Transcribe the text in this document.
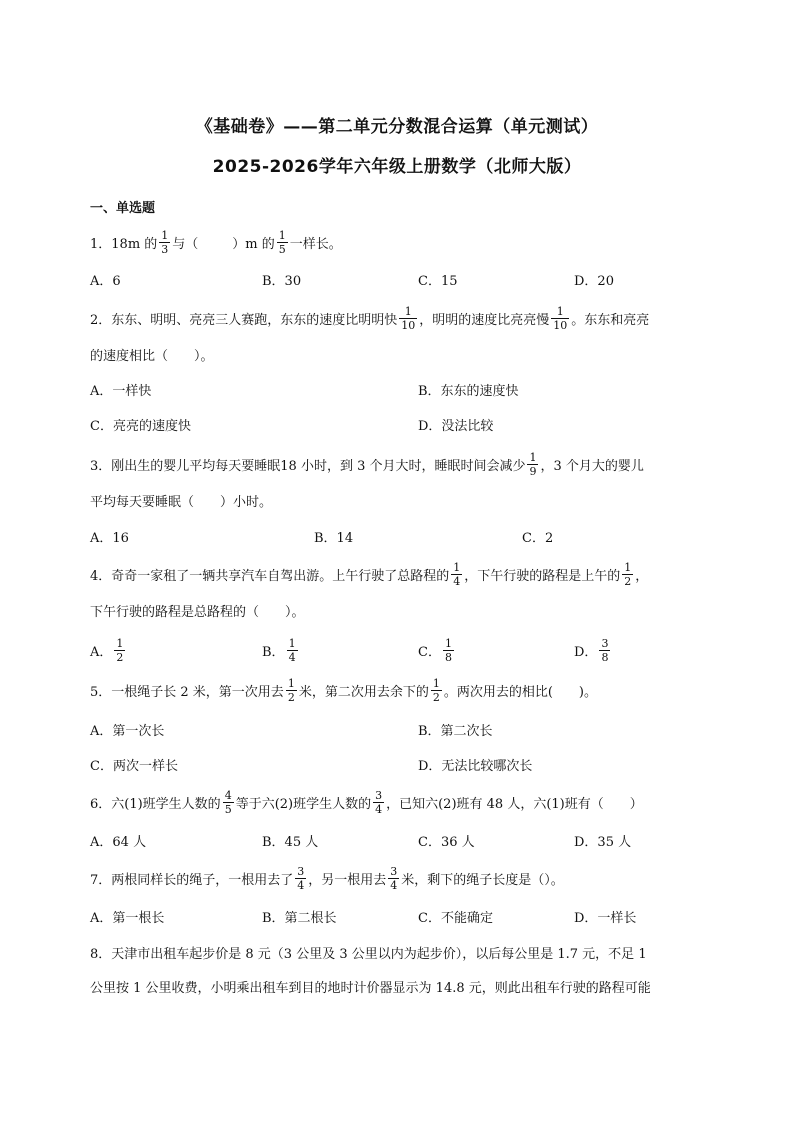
《基础卷》——第二单元分数混合运算（单元测试）
2025-2026学年六年级上册数学（北师大版）
一、单选题
1．18m 的 $\frac{1}{3}$ 与（	）m 的 $\frac{1}{5}$ 一样长。
A．6	B．30	C．15	D．20
2．东东、明明、亮亮三人赛跑，东东的速度比明明快 $\frac{1}{10}$ ，明明的速度比亮亮慢 $\frac{1}{10}$ 。东东和亮亮
的速度相比（　　）。
A．一样快	B．东东的速度快
C．亮亮的速度快	D．没法比较
3．刚出生的婴儿平均每天要睡眠18 小时，到 3 个月大时，睡眠时间会减少 $\frac{1}{9}$ ，3 个月大的婴儿
平均每天要睡眠（　　）小时。
A．16	B．14	C．2
4．奇奇一家租了一辆共享汽车自驾出游。上午行驶了总路程的 $\frac{1}{4}$ ，下午行驶的路程是上午的 $\frac{1}{2}$ ，
下午行驶的路程是总路程的（　　）。
A． $\frac{1}{2}$	B． $\frac{1}{4}$	C． $\frac{1}{8}$	D． $\frac{3}{8}$
5．一根绳子长 2 米，第一次用去 $\frac{1}{2}$ 米，第二次用去余下的 $\frac{1}{2}$ 。两次用去的相比(　　)。
A．第一次长	B．第二次长
C．两次一样长	D．无法比较哪次长
6．六(1)班学生人数的 $\frac{4}{5}$ 等于六(2)班学生人数的 $\frac{3}{4}$ ，已知六(2)班有 48 人，六(1)班有（　　）
A．64 人	B．45 人	C．36 人	D．35 人
7．两根同样长的绳子，一根用去了 $\frac{3}{4}$ ，另一根用去 $\frac{3}{4}$ 米，剩下的绳子长度是（）。
A．第一根长	B．第二根长	C．不能确定	D．一样长
8．天津市出租车起步价是 8 元（3 公里及 3 公里以内为起步价），以后每公里是 1.7 元，不足 1
公里按 1 公里收费，小明乘出租车到目的地时计价器显示为 14.8 元，则此出租车行驶的路程可能
